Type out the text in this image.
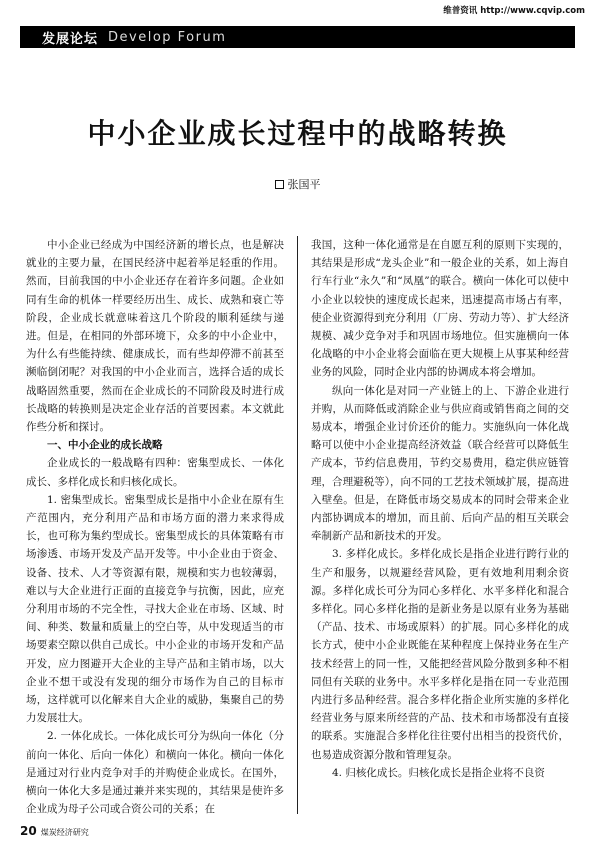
维普资讯 http://www.cqvip.com
发展论坛 Develop Forum
中小企业成长过程中的战略转换
张国平

中小企业已经成为中国经济新的增长点，也是解决就业的主要力量，在国民经济中起着举足轻重的作用。然而，目前我国的中小企业还存在着许多问题。企业如同有生命的机体一样要经历出生、成长、成熟和衰亡等阶段，企业成长就意味着这几个阶段的顺利延续与递进。但是，在相同的外部环境下，众多的中小企业中，为什么有些能持续、健康成长，而有些却停滞不前甚至濒临倒闭呢？对我国的中小企业而言，选择合适的成长战略固然重要，然而在企业成长的不同阶段及时进行成长战略的转换则是决定企业存活的首要因素。本文就此作些分析和探讨。

一、中小企业的成长战略

企业成长的一般战略有四种：密集型成长、一体化成长、多样化成长和归核化成长。

1. 密集型成长。密集型成长是指中小企业在原有生产范围内，充分利用产品和市场方面的潜力来求得成长，也可称为集约型成长。密集型成长的具体策略有市场渗透、市场开发及产品开发等。中小企业由于资金、设备、技术、人才等资源有限，规模和实力也较薄弱，难以与大企业进行正面的直接竞争与抗衡，因此，应充分利用市场的不完全性，寻找大企业在市场、区域、时间、种类、数量和质量上的空白等，从中发现适当的市场要素空隙以供自己成长。中小企业的市场开发和产品开发，应力图避开大企业的主导产品和主销市场，以大企业不想干或没有发现的细分市场作为自己的目标市场，这样就可以化解来自大企业的威胁，集聚自己的势力发展壮大。

2. 一体化成长。一体化成长可分为纵向一体化（分前向一体化、后向一体化）和横向一体化。横向一体化是通过对行业内竞争对手的并购使企业成长。在国外，横向一体化大多是通过兼并来实现的，其结果是使许多企业成为母子公司或合资公司的关系；在

我国，这种一体化通常是在自愿互利的原则下实现的，其结果是形成“龙头企业”和一般企业的关系，如上海自行车行业“永久”和“凤凰”的联合。横向一体化可以使中小企业以较快的速度成长起来，迅速提高市场占有率，使企业资源得到充分利用（厂房、劳动力等）、扩大经济规模、减少竞争对手和巩固市场地位。但实施横向一体化战略的中小企业将会面临在更大规模上从事某种经营业务的风险，同时企业内部的协调成本将会增加。

纵向一体化是对同一产业链上的上、下游企业进行并购，从而降低或消除企业与供应商或销售商之间的交易成本，增强企业讨价还价的能力。实施纵向一体化战略可以使中小企业提高经济效益（联合经营可以降低生产成本，节约信息费用，节约交易费用，稳定供应链管理，合理避税等），向不同的工艺技术领域扩展，提高进入壁垒。但是，在降低市场交易成本的同时会带来企业内部协调成本的增加，而且前、后向产品的相互关联会牵制新产品和新技术的开发。

3. 多样化成长。多样化成长是指企业进行跨行业的生产和服务，以规避经营风险，更有效地利用剩余资源。多样化成长可分为同心多样化、水平多样化和混合多样化。同心多样化指的是新业务是以原有业务为基础（产品、技术、市场或原料）的扩展。同心多样化的成长方式，使中小企业既能在某种程度上保持业务在生产技术经营上的同一性，又能把经营风险分散到多种不相同但有关联的业务中。水平多样化是指在同一专业范围内进行多品种经营。混合多样化指企业所实施的多样化经营业务与原来所经营的产品、技术和市场都没有直接的联系。实施混合多样化往往要付出相当的投资代价，也易造成资源分散和管理复杂。

4. 归核化成长。归核化成长是指企业将不良资

20 煤炭经济研究
